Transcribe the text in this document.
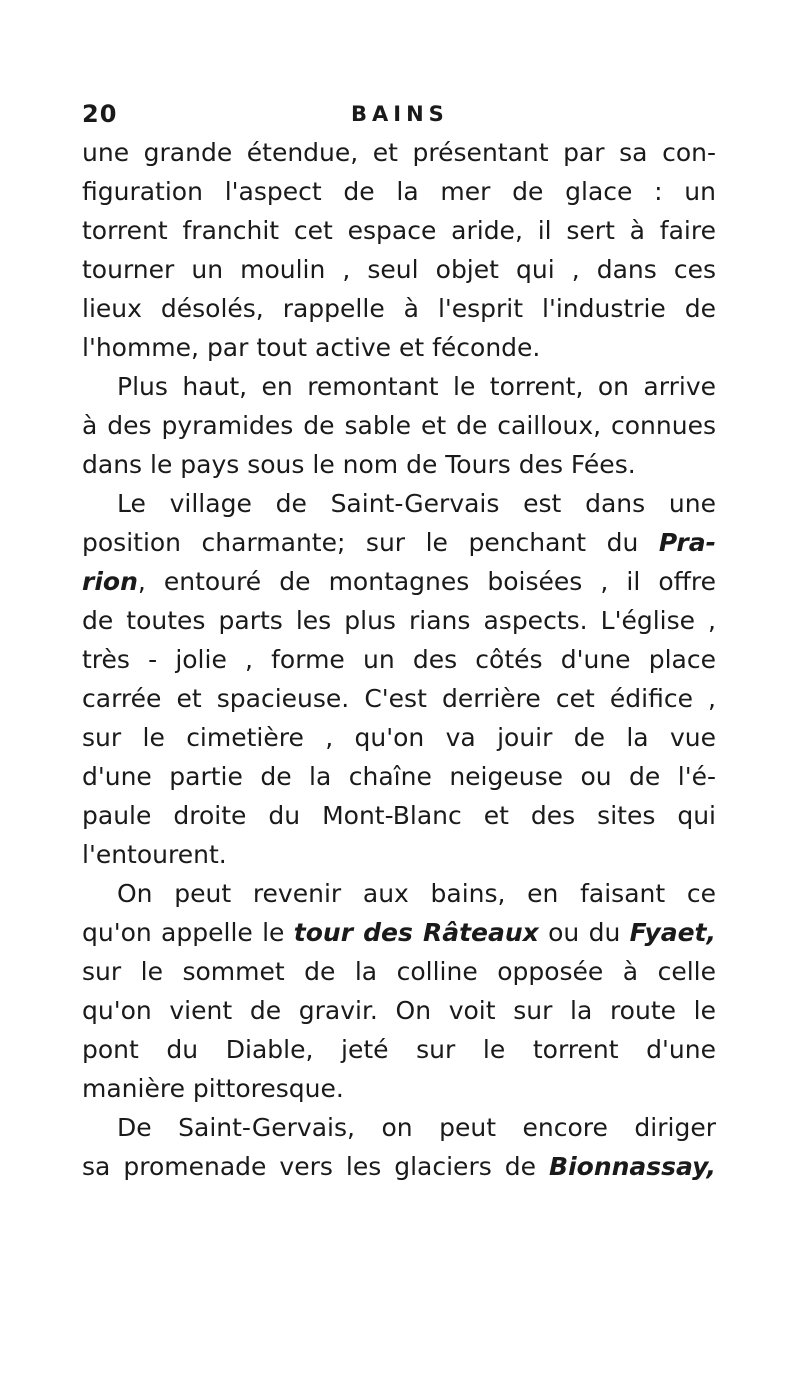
20	BAINS
une grande étendue, et présentant par sa con-
figuration l'aspect de la mer de glace : un
torrent franchit cet espace aride, il sert à faire
tourner un moulin , seul objet qui , dans ces
lieux désolés, rappelle à l'esprit l'industrie de
l'homme, par tout active et féconde.
Plus haut, en remontant le torrent, on arrive
à des pyramides de sable et de cailloux, connues
dans le pays sous le nom de Tours des Fées.
Le village de Saint-Gervais est dans une
position charmante; sur le penchant du Pra-
rion, entouré de montagnes boisées , il offre
de toutes parts les plus rians aspects. L'église ,
très - jolie , forme un des côtés d'une place
carrée et spacieuse. C'est derrière cet édifice ,
sur le cimetière , qu'on va jouir de la vue
d'une partie de la chaîne neigeuse ou de l'é-
paule droite du Mont-Blanc et des sites qui
l'entourent.
On peut revenir aux bains, en faisant ce
qu'on appelle le tour des Râteaux ou du Fyaet,
sur le sommet de la colline opposée à celle
qu'on vient de gravir. On voit sur la route le
pont du Diable, jeté sur le torrent d'une
manière pittoresque.
De Saint-Gervais, on peut encore diriger
sa promenade vers les glaciers de Bionnassay,
